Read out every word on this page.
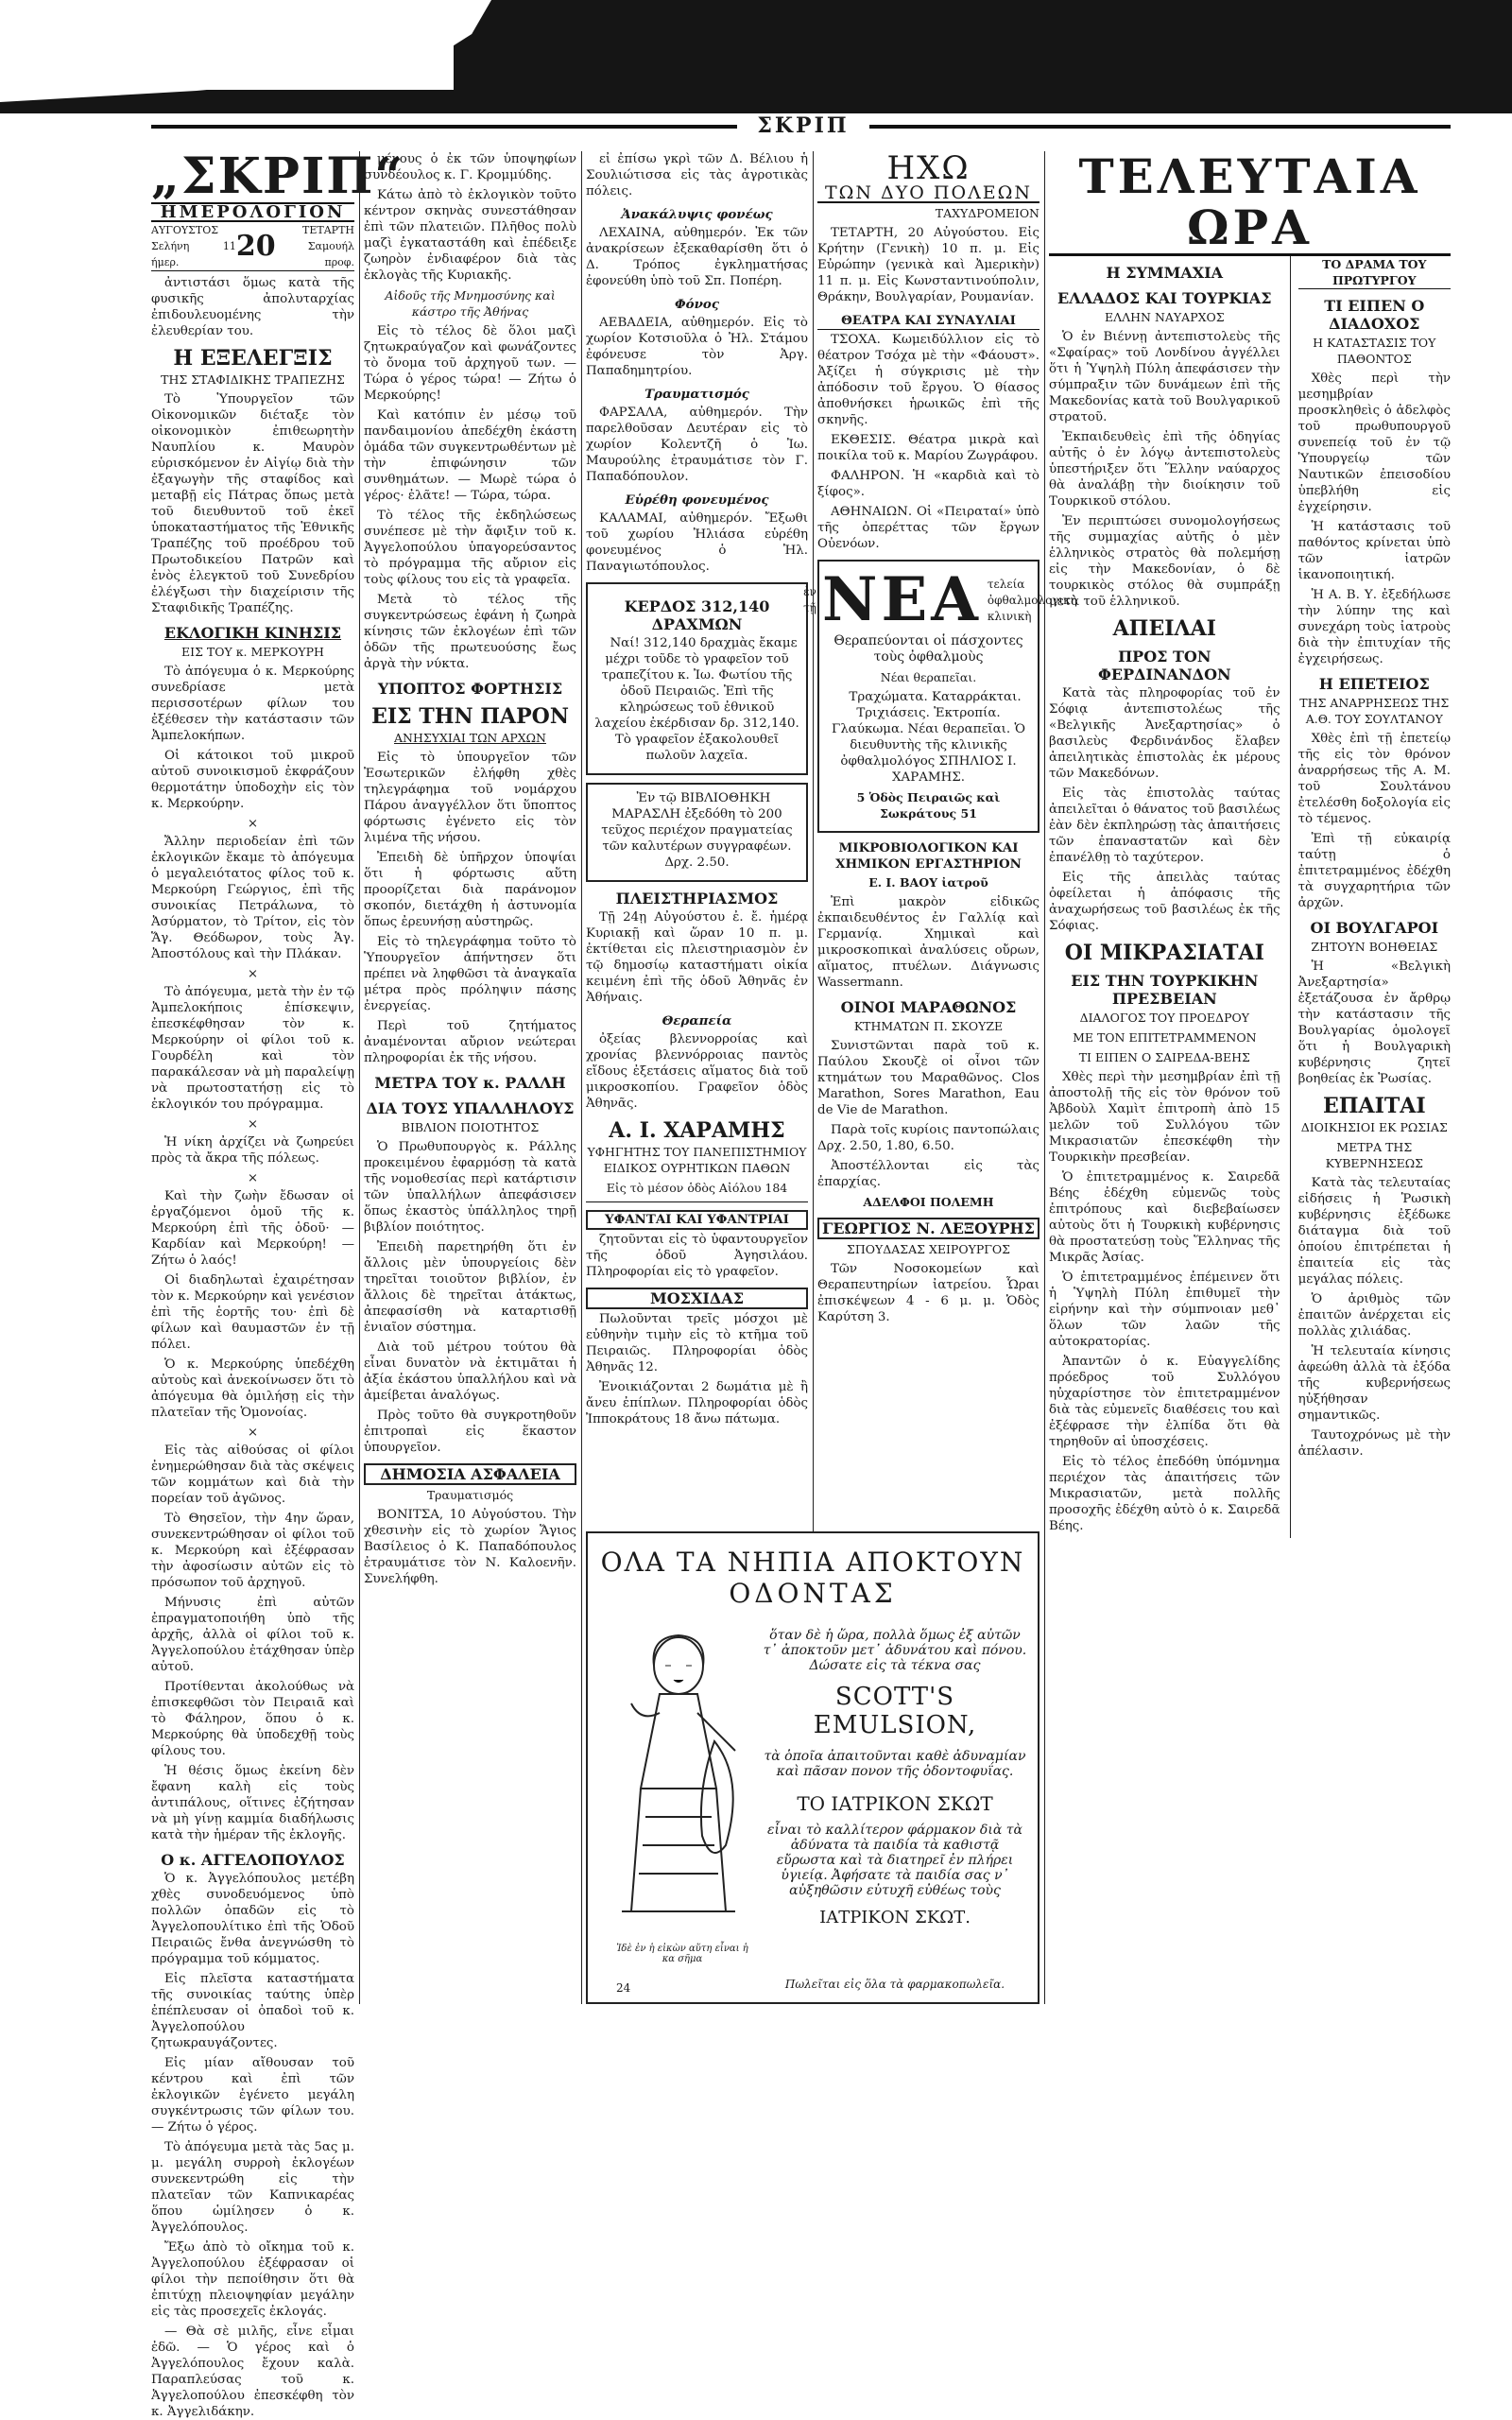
ΣΚΡΙΠ
„ΣΚΡΙΠ“
ΗΜΕΡΟΛΟΓΙΟΝ
ΑΥΓΟΥΣΤΟΣ
Σελήνη 11 ήμερ.	20	ΤΕΤΑΡΤΗ
Σαμουήλ προφ.

ἀντιστάσι ὅμως κατὰ τῆς φυσικῆς ἀπολυταρχίας ἐπιδουλευομένης τὴν ἐλευθερίαν του.

Η ΕΞΕΛΕΓΞΙΣ
ΤΗΣ ΣΤΑΦΙΔΙΚΗΣ ΤΡΑΠΕΖΗΣ

Τὸ Ὑπουργεῖον τῶν Οἰκονομικῶν διέταξε τὸν οἰκονομικὸν ἐπιθεωρητὴν Ναυπλίου κ. Μαυρὸν εὑρισκόμενον ἐν Αἰγίῳ διὰ τὴν ἐξαγωγὴν τῆς σταφίδος καὶ μεταβῇ εἰς Πάτρας ὅπως μετὰ τοῦ διευθυντοῦ τοῦ ἐκεῖ ὑποκαταστήματος τῆς Ἐθνικῆς Τραπέζης τοῦ προέδρου τοῦ Πρωτοδικείου Πατρῶν καὶ ἑνὸς ἐλεγκτοῦ τοῦ Συνεδρίου ἐλέγξωσι τὴν διαχείρισιν τῆς Σταφιδικῆς Τραπέζης.

ΕΚΛΟΓΙΚΗ ΚΙΝΗΣΙΣ
ΕΙΣ ΤΟΥ κ. ΜΕΡΚΟΥΡΗ

Τὸ ἀπόγευμα ὁ κ. Μερκούρης συνεδρίασε μετὰ περισσοτέρων φίλων του ἐξέθεσεν τὴν κατάστασιν τῶν Ἀμπελοκήπων.

Οἱ κάτοικοι τοῦ μικροῦ αὐτοῦ συνοικισμοῦ ἐκφράζουν θερμοτάτην ὑποδοχὴν εἰς τὸν κ. Μερκούρην.

×

Ἄλλην περιοδείαν ἐπὶ τῶν ἐκλογικῶν ἔκαμε τὸ ἀπόγευμα ὁ μεγαλειότατος φίλος τοῦ κ. Μερκούρη Γεώργιος, ἐπὶ τῆς συνοικίας Πετράλωνα, τὸ Ἀσύρματον, τὸ Τρίτον, εἰς τὸν Ἅγ. Θεόδωρον, τοὺς Ἁγ. Ἀποστόλους καὶ τὴν Πλάκαν.

×

Τὸ ἀπόγευμα, μετὰ τὴν ἐν τῷ Ἀμπελοκήποις ἐπίσκεψιν, ἐπεσκέφθησαν τὸν κ. Μερκούρην οἱ φίλοι τοῦ κ. Γουρδέλη καὶ τὸν παρακάλεσαν νὰ μὴ παραλείψῃ νὰ πρωτοστατήσῃ εἰς τὸ ἐκλογικόν του πρόγραμμα.

×

Ἡ νίκη ἀρχίζει νὰ ζωηρεύει πρὸς τὰ ἄκρα τῆς πόλεως.

×

Καὶ τὴν ζωὴν ἔδωσαν οἱ ἐργαζόμενοι ὁμοῦ τῆς κ. Μερκούρη ἐπὶ τῆς ὁδοῦ· — Καρδίαν καὶ Μερκούρη! — Ζήτω ὁ λαός!

Οἱ διαδηλωταὶ ἐχαιρέτησαν τὸν κ. Μερκούρην καὶ γενέσιον ἐπὶ τῆς ἑορτῆς του· ἐπὶ δὲ φίλων καὶ θαυμαστῶν ἐν τῇ πόλει.

Ὁ κ. Μερκούρης ὑπεδέχθη αὐτοὺς καὶ ἀνεκοίνωσεν ὅτι τὸ ἀπόγευμα θὰ ὁμιλήσῃ εἰς τὴν πλατεῖαν τῆς Ὁμονοίας.

×

Εἰς τὰς αἰθούσας οἱ φίλοι ἐνημερώθησαν διὰ τὰς σκέψεις τῶν κομμάτων καὶ διὰ τὴν πορείαν τοῦ ἀγῶνος.

Τὸ Θησεῖον, τὴν 4ην ὥραν, συνεκεντρώθησαν οἱ φίλοι τοῦ κ. Μερκούρη καὶ ἐξέφρασαν τὴν ἀφοσίωσιν αὐτῶν εἰς τὸ πρόσωπον τοῦ ἀρχηγοῦ.

Μήνυσις ἐπὶ αὐτῶν ἐπραγματοποιήθη ὑπὸ τῆς ἀρχῆς, ἀλλὰ οἱ φίλοι τοῦ κ. Ἀγγελοπούλου ἐτάχθησαν ὑπὲρ αὐτοῦ.

Προτίθενται ἀκολούθως νὰ ἐπισκεφθῶσι τὸν Πειραιᾶ καὶ τὸ Φάληρον, ὅπου ὁ κ. Μερκούρης θὰ ὑποδεχθῇ τοὺς φίλους του.

Ἡ θέσις ὅμως ἐκείνη δὲν ἔφανη καλὴ εἰς τοὺς ἀντιπάλους, οἵτινες ἐζήτησαν νὰ μὴ γίνῃ καμμία διαδήλωσις κατὰ τὴν ἡμέραν τῆς ἐκλογῆς.

Ο κ. ΑΓΓΕΛΟΠΟΥΛΟΣ

Ὁ κ. Ἀγγελόπουλος μετέβη χθὲς συνοδευόμενος ὑπὸ πολλῶν ὀπαδῶν εἰς τὸ Ἀγγελοπουλίτικο ἐπὶ τῆς Ὁδοῦ Πειραιῶς ἔνθα ἀνεγνώσθη τὸ πρόγραμμα τοῦ κόμματος.

Εἰς πλεῖστα καταστήματα τῆς συνοικίας ταύτης ὑπὲρ ἐπέπλευσαν οἱ ὀπαδοὶ τοῦ κ. Ἀγγελοπούλου ζητωκραυγάζοντες.

Εἰς μίαν αἴθουσαν τοῦ κέντρου καὶ ἐπὶ τῶν ἐκλογικῶν ἐγένετο μεγάλη συγκέντρωσις τῶν φίλων του. — Ζήτω ὁ γέρος.

Τὸ ἀπόγευμα μετὰ τὰς 5ας μ. μ. μεγάλη συρροὴ ἐκλογέων συνεκεντρώθη εἰς τὴν πλατεῖαν τῶν Καπνικαρέας ὅπου ὡμίλησεν ὁ κ. Ἀγγελόπουλος.

Ἔξω ἀπὸ τὸ οἴκημα τοῦ κ. Ἀγγελοπούλου ἐξέφρασαν οἱ φίλοι τὴν πεποίθησιν ὅτι θὰ ἐπιτύχῃ πλειοψηφίαν μεγάλην εἰς τὰς προσεχεῖς ἐκλογάς.

— Θὰ σὲ μιλῆς, εἶνε εἶμαι ἐδῶ. — Ὁ γέρος καὶ ὁ Ἀγγελόπουλος ἔχουν καλὰ. Παραπλεύσας τοῦ κ. Ἀγγελοπούλου ἐπεσκέφθη τὸν κ. Ἀγγελιδάκην.

μένους ὁ ἐκ τῶν ὑποψηφίων συνδέουλος κ. Γ. Κρομμύδης.

Κάτω ἀπὸ τὸ ἐκλογικὸν τοῦτο κέντρον σκηνὰς συνεστάθησαν ἐπὶ τῶν πλατειῶν. Πλῆθος πολὺ μαζὶ ἐγκαταστάθη καὶ ἐπέδειξε ζωηρὸν ἐνδιαφέρον διὰ τὰς ἐκλογὰς τῆς Κυριακῆς.

Αἰδοῦς τῆς Μνημοσύνης καὶ κάστρο τῆς Ἀθήνας

Εἰς τὸ τέλος δὲ ὅλοι μαζὶ ζητωκραύγαζον καὶ φωνάζοντες τὸ ὄνομα τοῦ ἀρχηγοῦ των. — Τώρα ὁ γέρος τώρα! — Ζήτω ὁ Μερκούρης!

Καὶ κατόπιν ἐν μέσῳ τοῦ πανδαιμονίου ἀπεδέχθη ἑκάστη ὁμάδα τῶν συγκεντρωθέντων μὲ τὴν ἐπιφώνησιν τῶν συνθημάτων. — Μωρὲ τώρα ὁ γέρος· ἐλᾶτε! — Τώρα, τώρα.

Τὸ τέλος τῆς ἐκδηλώσεως συνέπεσε μὲ τὴν ἄφιξιν τοῦ κ. Ἀγγελοπούλου ὑπαγορεύσαντος τὸ πρόγραμμα τῆς αὔριον εἰς τοὺς φίλους του εἰς τὰ γραφεῖα.

Μετὰ τὸ τέλος τῆς συγκεντρώσεως ἐφάνη ἡ ζωηρὰ κίνησις τῶν ἐκλογέων ἐπὶ τῶν ὁδῶν τῆς πρωτευούσης ἔως ἀργὰ τὴν νύκτα.

ΥΠΟΠΤΟΣ ΦΟΡΤΗΣΙΣ
ΕΙΣ ΤΗΝ ΠΑΡΟΝ
ΑΝΗΣΥΧΙΑΙ ΤΩΝ ΑΡΧΩΝ

Εἰς τὸ ὑπουργεῖον τῶν Ἐσωτερικῶν ἐλήφθη χθὲς τηλεγράφημα τοῦ νομάρχου Πάρου ἀναγγέλλον ὅτι ὕποπτος φόρτωσις ἐγένετο εἰς τὸν λιμένα τῆς νήσου.

Ἐπειδὴ δὲ ὑπῆρχον ὑποψίαι ὅτι ἡ φόρτωσις αὕτη προορίζεται διὰ παράνομον σκοπόν, διετάχθη ἡ ἀστυνομία ὅπως ἐρευνήσῃ αὐστηρῶς.

Εἰς τὸ τηλεγράφημα τοῦτο τὸ Ὑπουργεῖον ἀπήντησεν ὅτι πρέπει νὰ ληφθῶσι τὰ ἀναγκαῖα μέτρα πρὸς πρόληψιν πάσης ἐνεργείας.

Περὶ τοῦ ζητήματος ἀναμένονται αὔριον νεώτεραι πληροφορίαι ἐκ τῆς νήσου.

ΜΕΤΡΑ ΤΟΥ κ. ΡΑΛΛΗ
ΔΙΑ ΤΟΥΣ ΥΠΑΛΛΗΛΟΥΣ
ΒΙΒΛΙΟΝ ΠΟΙΟΤΗΤΟΣ

Ὁ Πρωθυπουργὸς κ. Ράλλης προκειμένου ἐφαρμόσῃ τὰ κατὰ τῆς νομοθεσίας περὶ κατάρτισιν τῶν ὑπαλλήλων ἀπεφάσισεν ὅπως ἐκαστὸς ὑπάλληλος τηρῇ βιβλίον ποιότητος.

Ἐπειδὴ παρετηρήθη ὅτι ἐν ἄλλοις μὲν ὑπουργείοις δὲν τηρεῖται τοιοῦτον βιβλίον, ἐν ἄλλοις δὲ τηρεῖται ἀτάκτως, ἀπεφασίσθη νὰ καταρτισθῇ ἑνιαῖον σύστημα.

Διὰ τοῦ μέτρου τούτου θὰ εἶναι δυνατὸν νὰ ἐκτιμᾶται ἡ ἀξία ἑκάστου ὑπαλλήλου καὶ νὰ ἀμείβεται ἀναλόγως.

Πρὸς τοῦτο θὰ συγκροτηθοῦν ἐπιτροπαὶ εἰς ἕκαστον ὑπουργεῖον.

ΔΗΜΟΣΙΑ ΑΣΦΑΛΕΙΑ
Τραυματισμός

ΒΟΝΙΤΣΑ, 10 Αὐγούστου. Τὴν χθεσινὴν εἰς τὸ χωρίον Ἅγιος Βασίλειος ὁ Κ. Παπαδόπουλος ἐτραυμάτισε τὸν Ν. Καλοενῆν. Συνελήφθη.

εἰ ἐπίσω γκρὶ τῶν Δ. Βέλιου ἡ Σουλιώτισσα εἰς τὰς ἀγροτικὰς πόλεις.

Ἀνακάλυψις φονέως

ΛΕΧΑΙΝΑ, αὐθημερόν. Ἐκ τῶν ἀνακρίσεων ἐξεκαθαρίσθη ὅτι ὁ Δ. Τρόπος ἐγκληματήσας ἐφονεύθη ὑπὸ τοῦ Σπ. Ποπέρη.

Φόνος

ΑΕΒΑΔΕΙΑ, αὐθημερόν. Εἰς τὸ χωρίον Κοτσιοῦλα ὁ Ἠλ. Στάμου ἐφόνευσε τὸν Ἀργ. Παπαδημητρίου.

Τραυματισμός

ΦΑΡΣΑΛΑ, αὐθημερόν. Τὴν παρελθοῦσαν Δευτέραν εἰς τὸ χωρίον Κολεντζῆ ὁ Ἰω. Μαυρούλης ἐτραυμάτισε τὸν Γ. Παπαδόπουλον.

Εὑρέθη φονευμένος

ΚΑΛΑΜΑΙ, αὐθημερόν. Ἔξωθι τοῦ χωρίου Ἠλιάσα εὑρέθη φονευμένος ὁ Ἠλ. Παναγιωτόπουλος.

ΚΕΡΔΟΣ 312,140 ΔΡΑΧΜΩΝ

Ναί! 312,140 δραχμὰς ἔκαμε μέχρι τοῦδε τὸ γραφεῖον τοῦ τραπεζίτου κ. Ἰω. Φωτίου τῆς ὁδοῦ Πειραιῶς. Ἐπὶ τῆς κληρώσεως τοῦ ἐθνικοῦ λαχείου ἐκέρδισαν δρ. 312,140. Τὸ γραφεῖον ἐξακολουθεῖ πωλοῦν λαχεῖα.

Ἐν τῷ ΒΙΒΛΙΟΘΗΚΗ ΜΑΡΑΣΛΗ ἐξεδόθη τὸ 200 τεῦχος περιέχον πραγματείας τῶν καλυτέρων συγγραφέων. Δρχ. 2.50.

ΠΛΕΙΣΤΗΡΙΑΣΜΟΣ

Τῇ 24ῃ Αὐγούστου ἐ. ἔ. ἡμέρᾳ Κυριακῇ καὶ ὥραν 10 π. μ. ἐκτίθεται εἰς πλειστηριασμὸν ἐν τῷ δημοσίῳ καταστήματι οἰκία κειμένη ἐπὶ τῆς ὁδοῦ Ἀθηνᾶς ἐν Ἀθήναις.

Θεραπεία

ὀξείας βλεννορροίας καὶ χρονίας βλεννόρροιας παντὸς εἴδους ἐξετάσεις αἵματος διὰ τοῦ μικροσκοπίου. Γραφεῖον ὁδὸς Ἀθηνᾶς.

Α. Ι. ΧΑΡΑΜΗΣ
ΥΦΗΓΗΤΗΣ ΤΟΥ ΠΑΝΕΠΙΣΤΗΜΙΟΥ ΕΙΔΙΚΟΣ ΟΥΡΗΤΙΚΩΝ ΠΑΘΩΝ
Εἰς τὸ μέσον ὁδὸς Αἰόλου 184
ΥΦΑΝΤΑΙ ΚΑΙ ΥΦΑΝΤΡΙΑΙ

ζητοῦνται εἰς τὸ ὑφαντουργεῖον τῆς ὁδοῦ Ἀγησιλάου. Πληροφορίαι εἰς τὸ γραφεῖον.

ΜΟΣΧΙΔΑΣ

Πωλοῦνται τρεῖς μόσχοι μὲ εὐθηνὴν τιμὴν εἰς τὸ κτῆμα τοῦ Πειραιῶς. Πληροφορίαι ὁδὸς Ἀθηνᾶς 12.

Ἐνοικιάζονται 2 δωμάτια μὲ ἢ ἄνευ ἐπίπλων. Πληροφορίαι ὁδὸς Ἰπποκράτους 18 ἄνω πάτωμα.

ΗΧΩ
ΤΩΝ ΔΥΟ ΠΟΛΕΩΝ
ΤΑΧΥΔΡΟΜΕΙΟΝ

ΤΕΤΑΡΤΗ, 20 Αὐγούστου. Εἰς Κρήτην (Γενικὴ) 10 π. μ. Εἰς Εὐρώπην (γενικὰ καὶ Ἀμερικὴν) 11 π. μ. Εἰς Κωνσταντινούπολιν, Θράκην, Βουλγαρίαν, Ρουμανίαν.

ΘΕΑΤΡΑ ΚΑΙ ΣΥΝΑΥΛΙΑΙ

ΤΣΟΧΑ. Κωμειδύλλιον εἰς τὸ θέατρον Τσόχα μὲ τὴν «Φάουστ». Ἀξίζει ἡ σύγκρισις μὲ τὴν ἀπόδοσιν τοῦ ἔργου. Ὁ θίασος ἀποθνήσκει ἡρωικῶς ἐπὶ τῆς σκηνῆς.

ΕΚΘΕΣΙΣ. Θέατρα μικρὰ καὶ ποικίλα τοῦ κ. Μαρίου Ζωγράφου.

ΦΑΛΗΡΟΝ. Ἡ «καρδιὰ καὶ τὸ ξίφος».

ΑΘΗΝΑΙΩΝ. Οἱ «Πειραταί» ὑπὸ τῆς ὀπερέττας τῶν ἔργων Οὐενόων.

ἐν τῇ ΝΕΑ τελεία ὀφθαλμολογικὴ κλινικὴ
Θεραπεύονται οἱ πάσχοντες τοὺς ὀφθαλμοὺς
Νέαι θεραπεῖαι.

Τραχώματα. Καταρράκται. Τριχιάσεις. Ἐκτροπία. Γλαύκωμα. Νέαι θεραπεῖαι. Ὁ διευθυντὴς τῆς κλινικῆς ὀφθαλμολόγος ΣΠΗΛΙΟΣ Ι. ΧΑΡΑΜΗΣ.

5 Ὁδὸς Πειραιῶς καὶ Σωκράτους 51
ΜΙΚΡΟΒΙΟΛΟΓΙΚΟΝ ΚΑΙ ΧΗΜΙΚΟΝ ΕΡΓΑΣΤΗΡΙΟΝ
Ε. Ι. ΒΑΟΥ ἰατροῦ

Ἐπὶ μακρὸν εἰδικῶς ἐκπαιδευθέντος ἐν Γαλλίᾳ καὶ Γερμανίᾳ. Χημικαὶ καὶ μικροσκοπικαὶ ἀναλύσεις οὔρων, αἵματος, πτυέλων. Διάγνωσις Wassermann.

ΟΙΝΟΙ ΜΑΡΑΘΩΝΟΣ
ΚΤΗΜΑΤΩΝ Π. ΣΚΟΥΖΕ

Συνιστῶνται παρὰ τοῦ κ. Παύλου Σκουζὲ οἱ οἶνοι τῶν κτημάτων του Μαραθῶνος. Clos Marathon, Sores Marathon, Eau de Vie de Marathon.

Παρὰ τοῖς κυρίοις παντοπώλαις Δρχ. 2.50, 1.80, 6.50.

Ἀποστέλλονται εἰς τὰς ἐπαρχίας.

ΑΔΕΛΦΟΙ ΠΟΛΕΜΗ
ΓΕΩΡΓΙΟΣ Ν. ΛΕΞΟΥΡΗΣ
ΣΠΟΥΔΑΣΑΣ ΧΕΙΡΟΥΡΓΟΣ

Τῶν Νοσοκομείων καὶ Θεραπευτηρίων ἰατρείου. Ὧραι ἐπισκέψεων 4 - 6 μ. μ. Ὁδὸς Καρύτση 3.

ΤΕΛΕΥΤΑΙΑ ΩΡΑ
Η ΣΥΜΜΑΧΙΑ
ΕΛΛΑΔΟΣ ΚΑΙ ΤΟΥΡΚΙΑΣ
ΕΛΛΗΝ ΝΑΥΑΡΧΟΣ

Ὁ ἐν Βιέννῃ ἀντεπιστολεὺς τῆς «Σφαίρας» τοῦ Λονδίνου ἀγγέλλει ὅτι ἡ Ὑψηλὴ Πύλη ἀπεφάσισεν τὴν σύμπραξιν τῶν δυνάμεων ἐπὶ τῆς Μακεδονίας κατὰ τοῦ Βουλγαρικοῦ στρατοῦ.

Ἐκπαιδευθεὶς ἐπὶ τῆς ὁδηγίας αὐτῆς ὁ ἐν λόγῳ ἀντεπιστολεὺς ὑπεστήριξεν ὅτι Ἕλλην ναύαρχος θὰ ἀναλάβῃ τὴν διοίκησιν τοῦ Τουρκικοῦ στόλου.

Ἐν περιπτώσει συνομολογήσεως τῆς συμμαχίας αὐτῆς ὁ μὲν ἑλληνικὸς στρατὸς θὰ πολεμήσῃ εἰς τὴν Μακεδονίαν, ὁ δὲ τουρκικὸς στόλος θὰ συμπράξῃ μετὰ τοῦ ἑλληνικοῦ.

ΑΠΕΙΛΑΙ
ΠΡΟΣ ΤΟΝ ΦΕΡΔΙΝΑΝΔΟΝ

Κατὰ τὰς πληροφορίας τοῦ ἐν Σόφιᾳ ἀντεπιστολέως τῆς «Βελγικῆς Ἀνεξαρτησίας» ὁ βασιλεὺς Φερδινάνδος ἔλαβεν ἀπειλητικὰς ἐπιστολὰς ἐκ μέρους τῶν Μακεδόνων.

Εἰς τὰς ἐπιστολὰς ταύτας ἀπειλεῖται ὁ θάνατος τοῦ βασιλέως ἐὰν δὲν ἐκπληρώσῃ τὰς ἀπαιτήσεις τῶν ἐπαναστατῶν καὶ δὲν ἐπανέλθῃ τὸ ταχύτερον.

Εἰς τῆς ἀπειλὰς ταύτας ὀφείλεται ἡ ἀπόφασις τῆς ἀναχωρήσεως τοῦ βασιλέως ἐκ τῆς Σόφιας.

ΟΙ ΜΙΚΡΑΣΙΑΤΑΙ
ΕΙΣ ΤΗΝ ΤΟΥΡΚΙΚΗΝ ΠΡΕΣΒΕΙΑΝ
ΔΙΑΛΟΓΟΣ ΤΟΥ ΠΡΟΕΔΡΟΥ
ΜΕ ΤΟΝ ΕΠΙΤΕΤΡΑΜΜΕΝΟΝ
ΤΙ ΕΙΠΕΝ Ο ΣΑΙΡΕΔΑ-ΒΕΗΣ

Χθὲς περὶ τὴν μεσημβρίαν ἐπὶ τῇ ἀποστολῇ τῆς εἰς τὸν θρόνον τοῦ Ἀβδοὺλ Χαμὶτ ἐπιτροπὴ ἀπὸ 15 μελῶν τοῦ Συλλόγου τῶν Μικρασιατῶν ἐπεσκέφθη τὴν Τουρκικὴν πρεσβείαν.

Ὁ ἐπιτετραμμένος κ. Σαιρεδᾶ Βέης ἐδέχθη εὐμενῶς τοὺς ἐπιτρόπους καὶ διεβεβαίωσεν αὐτοὺς ὅτι ἡ Τουρκικὴ κυβέρνησις θὰ προστατεύσῃ τοὺς Ἕλληνας τῆς Μικρᾶς Ἀσίας.

Ὁ ἐπιτετραμμένος ἐπέμεινεν ὅτι ἡ Ὑψηλὴ Πύλη ἐπιθυμεῖ τὴν εἰρήνην καὶ τὴν σύμπνοιαν μεθ᾽ ὅλων τῶν λαῶν τῆς αὐτοκρατορίας.

Ἀπαντῶν ὁ κ. Εὐαγγελίδης πρόεδρος τοῦ Συλλόγου ηὐχαρίστησε τὸν ἐπιτετραμμένον διὰ τὰς εὐμενεῖς διαθέσεις του καὶ ἐξέφρασε τὴν ἐλπίδα ὅτι θὰ τηρηθοῦν αἱ ὑποσχέσεις.

Εἰς τὸ τέλος ἐπεδόθη ὑπόμνημα περιέχον τὰς ἀπαιτήσεις τῶν Μικρασιατῶν, μετὰ πολλῆς προσοχῆς ἐδέχθη αὐτὸ ὁ κ. Σαιρεδᾶ Βέης.

ΤΟ ΔΡΑΜΑ ΤΟΥ ΠΡΩΤΥΡΓΟΥ
ΤΙ ΕΙΠΕΝ Ο ΔΙΑΔΟΧΟΣ
Η ΚΑΤΑΣΤΑΣΙΣ ΤΟΥ ΠΑΘΟΝΤΟΣ

Χθὲς περὶ τὴν μεσημβρίαν προσκληθεὶς ὁ ἀδελφὸς τοῦ πρωθυπουργοῦ συνεπείᾳ τοῦ ἐν τῷ Ὑπουργείῳ τῶν Ναυτικῶν ἐπεισοδίου ὑπεβλήθη εἰς ἐγχείρησιν.

Ἡ κατάστασις τοῦ παθόντος κρίνεται ὑπὸ τῶν ἰατρῶν ἱκανοποιητική.

Ἡ Α. Β. Υ. ἐξεδήλωσε τὴν λύπην της καὶ συνεχάρη τοὺς ἰατροὺς διὰ τὴν ἐπιτυχίαν τῆς ἐγχειρήσεως.

Η ΕΠΕΤΕΙΟΣ
ΤΗΣ ΑΝΑΡΡΗΣΕΩΣ ΤΗΣ Α.Θ. ΤΟΥ ΣΟΥΛΤΑΝΟΥ

Χθὲς ἐπὶ τῇ ἐπετείῳ τῆς εἰς τὸν θρόνον ἀναρρήσεως τῆς Α. Μ. τοῦ Σουλτάνου ἐτελέσθη δοξολογία εἰς τὸ τέμενος.

Ἐπὶ τῇ εὐκαιρίᾳ ταύτῃ ὁ ἐπιτετραμμένος ἐδέχθη τὰ συγχαρητήρια τῶν ἀρχῶν.

ΟΙ ΒΟΥΛΓΑΡΟΙ
ΖΗΤΟΥΝ ΒΟΗΘΕΙΑΣ

Ἡ «Βελγικὴ Ἀνεξαρτησία» ἐξετάζουσα ἐν ἄρθρῳ τὴν κατάστασιν τῆς Βουλγαρίας ὁμολογεῖ ὅτι ἡ Βουλγαρικὴ κυβέρνησις ζητεῖ βοηθείας ἐκ Ῥωσίας.

ΕΠΑΙΤΑΙ
ΔΙΟΙΚΗΣΙΟΙ ΕΚ ΡΩΣΙΑΣ
ΜΕΤΡΑ ΤΗΣ ΚΥΒΕΡΝΗΣΕΩΣ

Κατὰ τὰς τελευταίας εἰδήσεις ἡ Ῥωσικὴ κυβέρνησις ἐξέδωκε διάταγμα διὰ τοῦ ὁποίου ἐπιτρέπεται ἡ ἐπαιτεία εἰς τὰς μεγάλας πόλεις.

Ὁ ἀριθμὸς τῶν ἐπαιτῶν ἀνέρχεται εἰς πολλὰς χιλιάδας.

Ἡ τελευταία κίνησις ἀφεώθη ἀλλὰ τὰ ἐξόδα τῆς κυβερνήσεως ηὐξήθησαν σημαντικῶς.

Ταυτοχρόνως μὲ τὴν ἀπέλασιν.

ΟΛΑ ΤΑ ΝΗΠΙΑ ΑΠΟΚΤΟΥΝ
ΟΔΟΝΤΑΣ
ὅταν δὲ ἡ ὥρα, πολλὰ ὅμως ἐξ αὐτῶν τ᾽ ἀποκτοῦν μετ᾽ ἀδυνάτου καὶ πόνου. Δώσατε εἰς τὰ τέκνα σας
SCOTT'S EMULSION,
τὰ ὁποῖα ἀπαιτοῦνται καθὲ ἀδυναμίαν καὶ πᾶσαν πονον τῆς ὀδοντοφυΐας.
ΤΟ ΙΑΤΡΙΚΟΝ ΣΚΩΤ
εἶναι τὸ καλλίτερον φάρμακον διὰ τὰ ἀδύνατα τὰ παιδία τὰ καθιστᾷ εὔρωστα καὶ τὰ διατηρεῖ ἐν πλήρει ὑγιείᾳ. Ἀφήσατε τὰ παιδία σας ν᾽ αὐξηθῶσιν εὐτυχῆ εὐθέως τοὺς
ΙΑΤΡΙΚΟΝ ΣΚΩΤ.
Πωλεῖται εἰς ὅλα τὰ φαρμακοπωλεῖα.
Ἰδὲ ἐν ἡ εἰκὼν αὕτη εἶναι ἡ κα σῆμα
24
